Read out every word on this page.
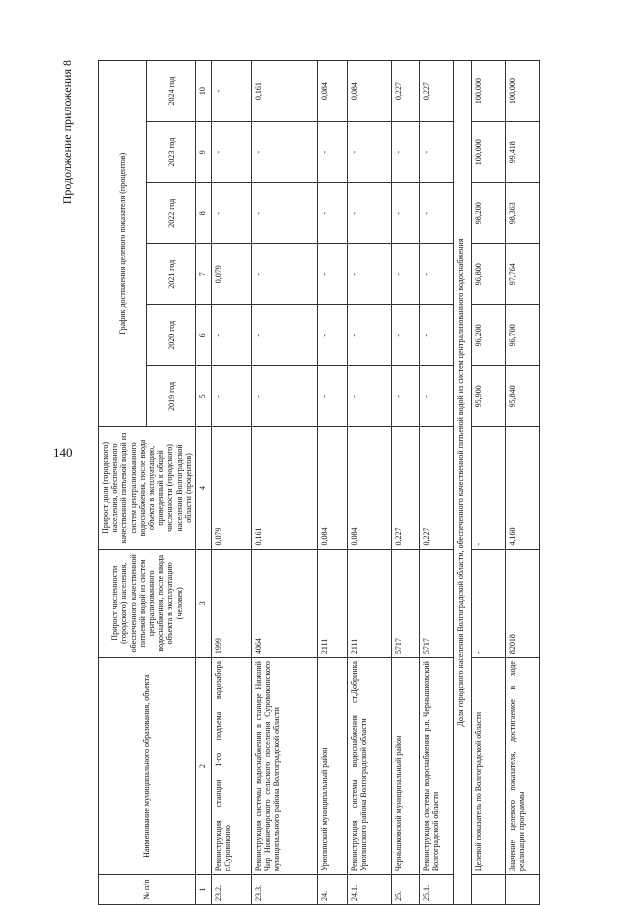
140
Продолжение приложения 8
№ п/п	Наименование муниципального образования, объекта	Прирост численности (городского) населения, обеспеченного качественной питьевой водой из систем централизованного водоснабжения, после ввода объекта в эксплуатацию (человек)	Прирост доли (городского) населения, обеспеченного качественной питьевой водой из систем централизованного водоснабжения, после ввода объекта в эксплуатацию, приведенный к общей численности (городского) населения Волгоградской области (процентов)	График достижения целевого показателя (процентов)					
				2019 год	2020 год	2021 год	2022 год	2023 год	2024 год
1	2	3	4	5	6	7	8	9	10
23.2.	Реконструкция станции 1-го подъема водозабора г.Суровикино	1999	0,079	-	-	0,079	-	-	-
23.3.	Реконструкция системы водоснабжения в станице Нижний Чир Нижнечирского сельского поселения Суровикинского муниципального района Волгоградской области	4064	0,161	-	-	-	-	-	0,161
24.	Урюпинский муниципальный район	2111	0,084	-	-	-	-	-	0,084
24.1.	Реконструкция системы водоснабжения ст.Добринка Урюпинского района Волгоградской области	2111	0,084	-	-	-	-	-	0,084
25.	Чернышковский муниципальный район	5717	0,227	-	-	-	-	-	0,227
25.1.	Реконструкция системы водоснабжения р.п. Чернышковский Волгоградской области	5717	0,227	-	-	-	-	-	0,227
Доля городского населения Волгоградской области, обеспеченного качественной питьевой водой из систем централизованного водоснабжения									
	Целевой показатель по Волгоградской области	-	-	95,900	96,200	96,800	98,200	100,000	100,000
	Значение целевого показателя, достигаемое в ходе реализации программы	82018	4,160	95,840	96,700	97,764	98,363	99,418	100,000
